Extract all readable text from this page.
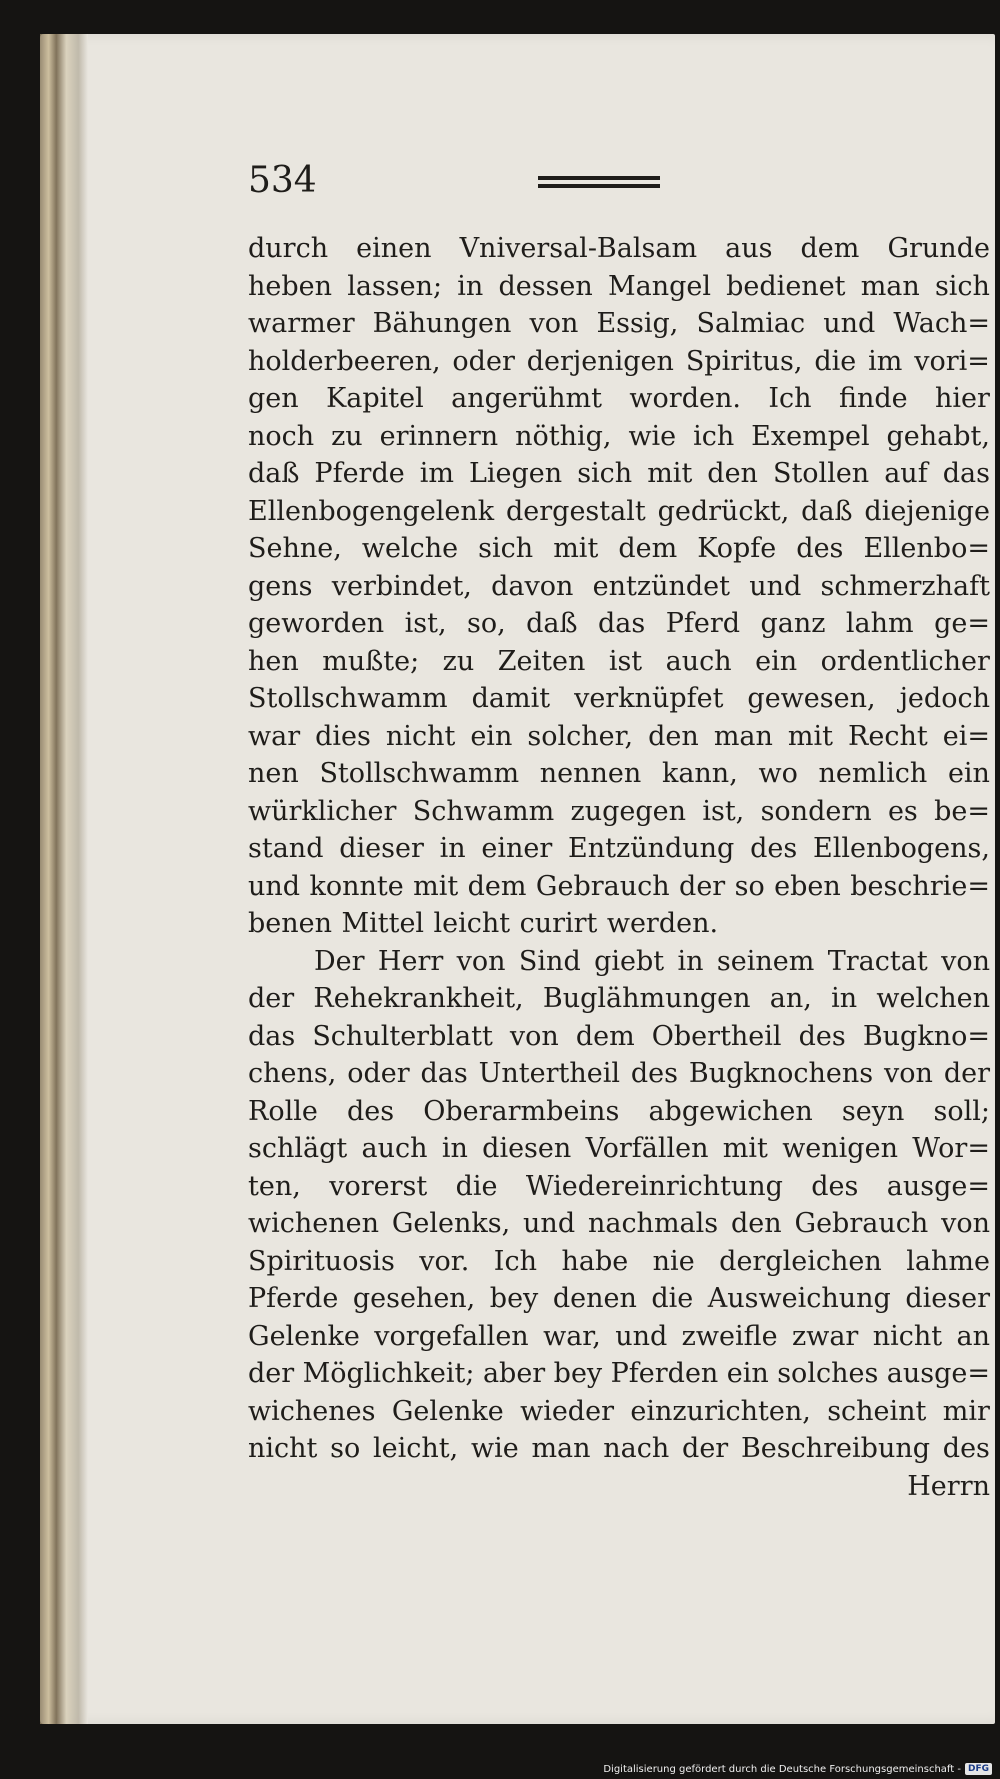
534
durch einen Vniversal-Balsam aus dem Grunde
heben lassen; in dessen Mangel bedienet man sich
warmer Bähungen von Essig, Salmiac und Wach=
holderbeeren, oder derjenigen Spiritus, die im vori=
gen Kapitel angerühmt worden. Ich finde hier
noch zu erinnern nöthig, wie ich Exempel gehabt,
daß Pferde im Liegen sich mit den Stollen auf das
Ellenbogengelenk dergestalt gedrückt, daß diejenige
Sehne, welche sich mit dem Kopfe des Ellenbo=
gens verbindet, davon entzündet und schmerzhaft
geworden ist, so, daß das Pferd ganz lahm ge=
hen mußte; zu Zeiten ist auch ein ordentlicher
Stollschwamm damit verknüpfet gewesen, jedoch
war dies nicht ein solcher, den man mit Recht ei=
nen Stollschwamm nennen kann, wo nemlich ein
würklicher Schwamm zugegen ist, sondern es be=
stand dieser in einer Entzündung des Ellenbogens,
und konnte mit dem Gebrauch der so eben beschrie=
benen Mittel leicht curirt werden.
Der Herr von Sind giebt in seinem Tractat von
der Rehekrankheit, Buglähmungen an, in welchen
das Schulterblatt von dem Obertheil des Bugkno=
chens, oder das Untertheil des Bugknochens von der
Rolle des Oberarmbeins abgewichen seyn soll;
schlägt auch in diesen Vorfällen mit wenigen Wor=
ten, vorerst die Wiedereinrichtung des ausge=
wichenen Gelenks, und nachmals den Gebrauch von
Spirituosis vor. Ich habe nie dergleichen lahme
Pferde gesehen, bey denen die Ausweichung dieser
Gelenke vorgefallen war, und zweifle zwar nicht an
der Möglichkeit; aber bey Pferden ein solches ausge=
wichenes Gelenke wieder einzurichten, scheint mir
nicht so leicht, wie man nach der Beschreibung des
Herrn
Digitalisierung gefördert durch die Deutsche Forschungsgemeinschaft - DFG
